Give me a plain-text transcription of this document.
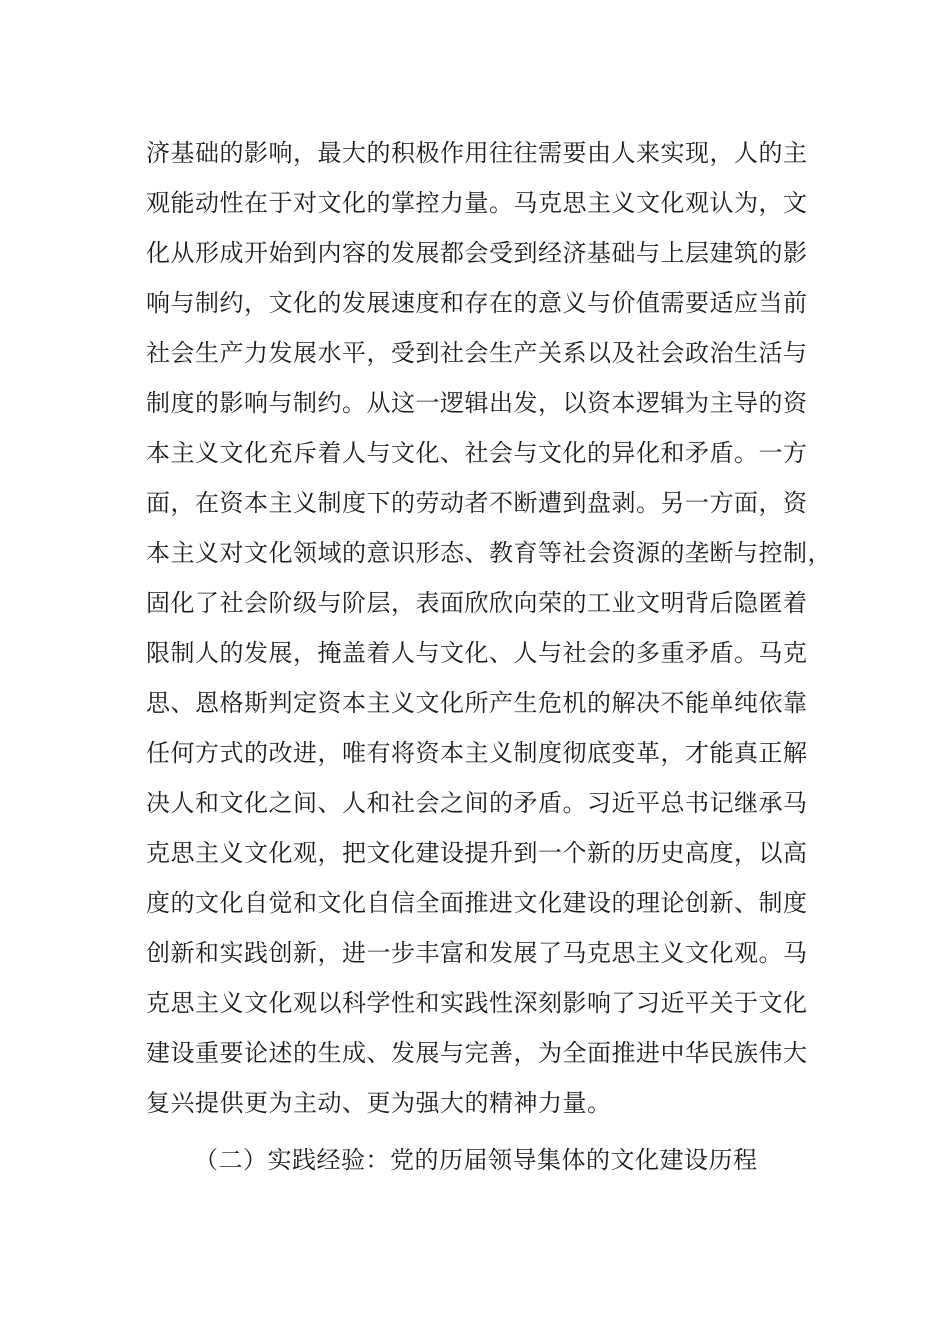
济基础的影响，最大的积极作用往往需要由人来实现，人的主
观能动性在于对文化的掌控力量。马克思主义文化观认为，文
化从形成开始到内容的发展都会受到经济基础与上层建筑的影
响与制约，文化的发展速度和存在的意义与价值需要适应当前
社会生产力发展水平，受到社会生产关系以及社会政治生活与
制度的影响与制约。从这一逻辑出发，以资本逻辑为主导的资
本主义文化充斥着人与文化、社会与文化的异化和矛盾。一方
面，在资本主义制度下的劳动者不断遭到盘剥。另一方面，资
本主义对文化领域的意识形态、教育等社会资源的垄断与控制，
固化了社会阶级与阶层，表面欣欣向荣的工业文明背后隐匿着
限制人的发展，掩盖着人与文化、人与社会的多重矛盾。马克
思、恩格斯判定资本主义文化所产生危机的解决不能单纯依靠
任何方式的改进，唯有将资本主义制度彻底变革，才能真正解
决人和文化之间、人和社会之间的矛盾。习近平总书记继承马
克思主义文化观，把文化建设提升到一个新的历史高度，以高
度的文化自觉和文化自信全面推进文化建设的理论创新、制度
创新和实践创新，进一步丰富和发展了马克思主义文化观。马
克思主义文化观以科学性和实践性深刻影响了习近平关于文化
建设重要论述的生成、发展与完善，为全面推进中华民族伟大
复兴提供更为主动、更为强大的精神力量。

（二）实践经验：党的历届领导集体的文化建设历程
